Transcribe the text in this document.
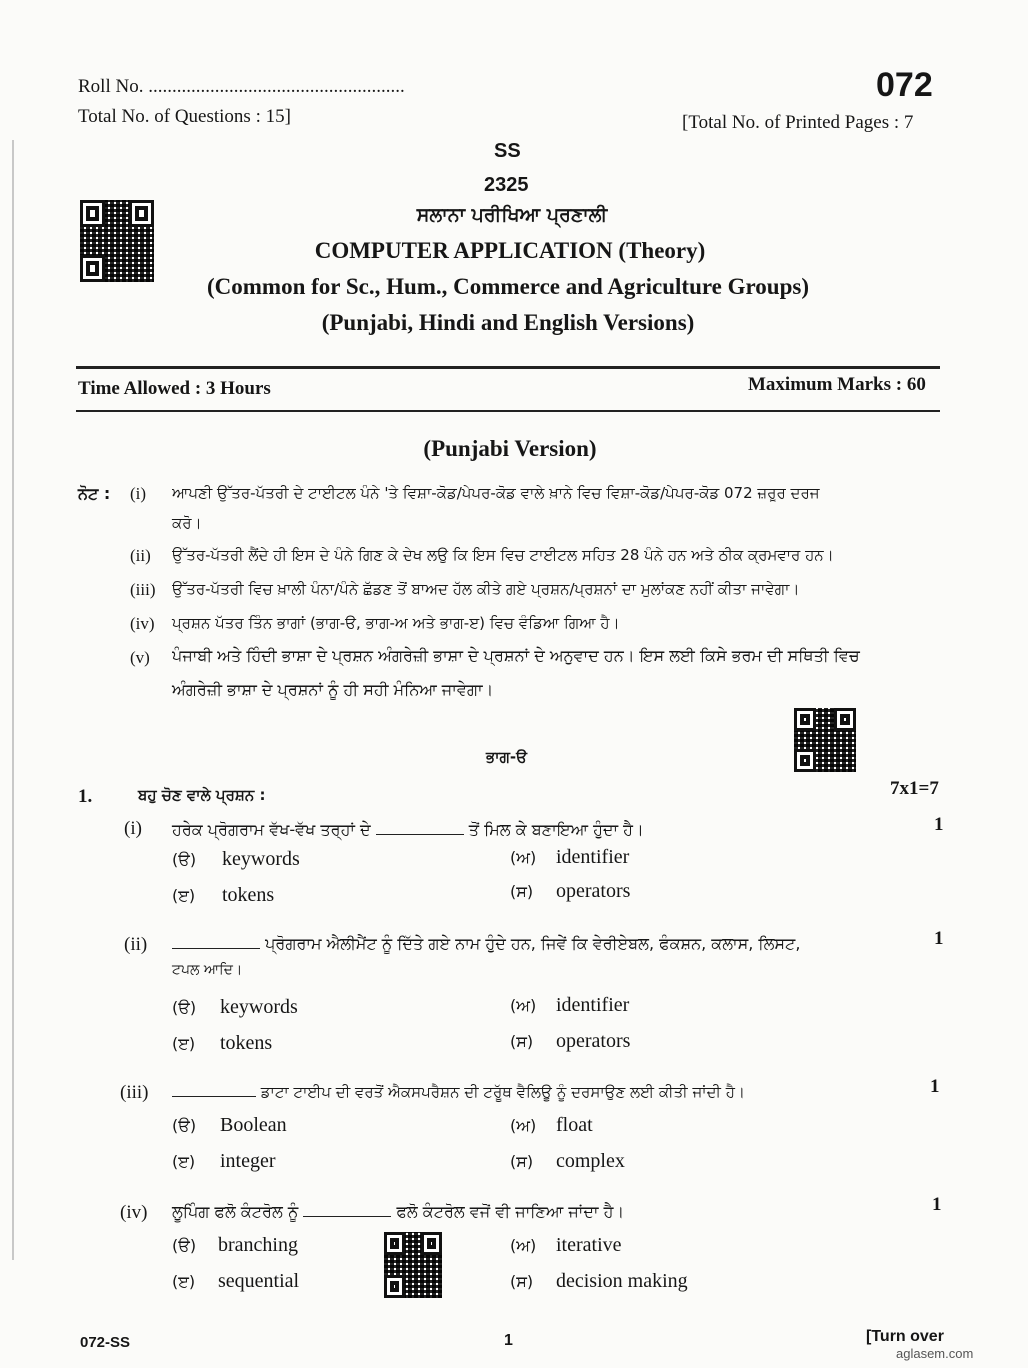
Roll No. ......................................................	072
Total No. of Questions : 15]	[Total No. of Printed Pages : 7
SS
2325
ਸਲਾਨਾ ਪਰੀਖਿਆ ਪ੍ਰਣਾਲੀ
COMPUTER APPLICATION (Theory)
(Common for Sc., Hum., Commerce and Agriculture Groups)
(Punjabi, Hindi and English Versions)
Time Allowed : 3 Hours	Maximum Marks : 60
(Punjabi Version)
ਨੋਟ : (i) ਆਪਣੀ ਉੱਤਰ-ਪੱਤਰੀ ਦੇ ਟਾਈਟਲ ਪੰਨੇ 'ਤੇ ਵਿਸ਼ਾ-ਕੋਡ/ਪੇਪਰ-ਕੋਡ ਵਾਲੇ ਖ਼ਾਨੇ ਵਿਚ ਵਿਸ਼ਾ-ਕੋਡ/ਪੇਪਰ-ਕੋਡ 072 ਜ਼ਰੂਰ ਦਰਜ
ਕਰੋ।
(ii) ਉੱਤਰ-ਪੱਤਰੀ ਲੈਂਦੇ ਹੀ ਇਸ ਦੇ ਪੰਨੇ ਗਿਣ ਕੇ ਦੇਖ ਲਉ ਕਿ ਇਸ ਵਿਚ ਟਾਈਟਲ ਸਹਿਤ 28 ਪੰਨੇ ਹਨ ਅਤੇ ਠੀਕ ਕ੍ਰਮਵਾਰ ਹਨ।
(iii) ਉੱਤਰ-ਪੱਤਰੀ ਵਿਚ ਖ਼ਾਲੀ ਪੰਨਾ/ਪੰਨੇ ਛੱਡਣ ਤੋਂ ਬਾਅਦ ਹੱਲ ਕੀਤੇ ਗਏ ਪ੍ਰਸ਼ਨ/ਪ੍ਰਸ਼ਨਾਂ ਦਾ ਮੁਲਾਂਕਣ ਨਹੀਂ ਕੀਤਾ ਜਾਵੇਗਾ।
(iv) ਪ੍ਰਸ਼ਨ ਪੱਤਰ ਤਿੰਨ ਭਾਗਾਂ (ਭਾਗ-ੳ, ਭਾਗ-ਅ ਅਤੇ ਭਾਗ-ੲ) ਵਿਚ ਵੰਡਿਆ ਗਿਆ ਹੈ।
(v) ਪੰਜਾਬੀ ਅਤੇ ਹਿੰਦੀ ਭਾਸ਼ਾ ਦੇ ਪ੍ਰਸ਼ਨ ਅੰਗਰੇਜ਼ੀ ਭਾਸ਼ਾ ਦੇ ਪ੍ਰਸ਼ਨਾਂ ਦੇ ਅਨੁਵਾਦ ਹਨ। ਇਸ ਲਈ ਕਿਸੇ ਭਰਮ ਦੀ ਸਥਿਤੀ ਵਿਚ
ਅੰਗਰੇਜ਼ੀ ਭਾਸ਼ਾ ਦੇ ਪ੍ਰਸ਼ਨਾਂ ਨੂੰ ਹੀ ਸਹੀ ਮੰਨਿਆ ਜਾਵੇਗਾ।
ਭਾਗ-ੳ
1.	ਬਹੁ ਚੋਣ ਵਾਲੇ ਪ੍ਰਸ਼ਨ :	7x1=7
(i) ਹਰੇਕ ਪ੍ਰੋਗਰਾਮ ਵੱਖ-ਵੱਖ ਤਰ੍ਹਾਂ ਦੇ	ਤੋਂ ਮਿਲ ਕੇ ਬਣਾਇਆ ਹੁੰਦਾ ਹੈ।	1
(ੳ) keywords	(ਅ) identifier
(ੲ) tokens	(ਸ) operators
(ii)	ਪ੍ਰੋਗਰਾਮ ਐਲੀਮੈਂਟ ਨੂੰ ਦਿੱਤੇ ਗਏ ਨਾਮ ਹੁੰਦੇ ਹਨ, ਜਿਵੇਂ ਕਿ ਵੇਰੀਏਬਲ, ਫੰਕਸ਼ਨ, ਕਲਾਸ, ਲਿਸਟ,
ਟਪਲ ਆਦਿ।
1
(ੳ) keywords	(ਅ) identifier
(ੲ) tokens	(ਸ) operators
(iii)	ਡਾਟਾ ਟਾਈਪ ਦੀ ਵਰਤੋਂ ਐਕਸਪਰੈਸ਼ਨ ਦੀ ਟਰੂੱਥ ਵੈਲਿਊ ਨੂੰ ਦਰਸਾਉਣ ਲਈ ਕੀਤੀ ਜਾਂਦੀ ਹੈ।	1
(ੳ) Boolean	(ਅ) float
(ੲ) integer	(ਸ) complex
(iv) ਲੂਪਿੰਗ ਫਲੋ ਕੰਟਰੋਲ ਨੂੰ	ਫਲੋ ਕੰਟਰੋਲ ਵਜੋਂ ਵੀ ਜਾਣਿਆ ਜਾਂਦਾ ਹੈ।	1
(ੳ) branching	(ਅ) iterative
(ੲ) sequential	(ਸ) decision making
072-SS	1	[Turn over
aglasem.com
